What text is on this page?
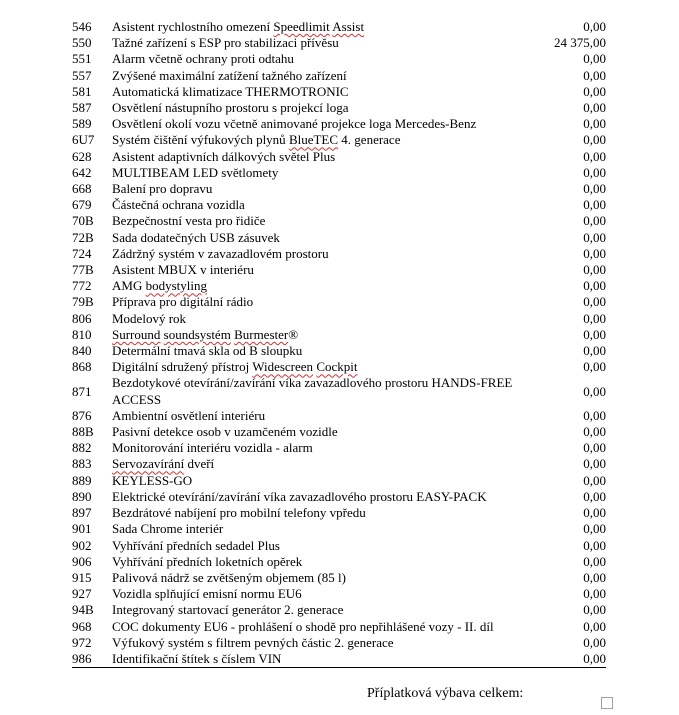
546	Asistent rychlostního omezení Speedlimit Assist	0,00
550	Tažné zařízení s ESP pro stabilizaci přívěsu	24 375,00
551	Alarm včetně ochrany proti odtahu	0,00
557	Zvýšené maximální zatížení tažného zařízení	0,00
581	Automatická klimatizace THERMOTRONIC	0,00
587	Osvětlení nástupního prostoru s projekcí loga	0,00
589	Osvětlení okolí vozu včetně animované projekce loga Mercedes-Benz	0,00
6U7	Systém čištění výfukových plynů BlueTEC 4. generace	0,00
628	Asistent adaptivních dálkových světel Plus	0,00
642	MULTIBEAM LED světlomety	0,00
668	Balení pro dopravu	0,00
679	Částečná ochrana vozidla	0,00
70B	Bezpečnostní vesta pro řidiče	0,00
72B	Sada dodatečných USB zásuvek	0,00
724	Zádržný systém v zavazadlovém prostoru	0,00
77B	Asistent MBUX v interiéru	0,00
772	AMG bodystyling	0,00
79B	Příprava pro digitální rádio	0,00
806	Modelový rok	0,00
810	Surround soundsystém Burmester®	0,00
840	Determální tmavá skla od B sloupku	0,00
868	Digitální sdružený přístroj Widescreen Cockpit	0,00
871	Bezdotykové otevírání/zavírání víka zavazadlového prostoru HANDS-FREE ACCESS	0,00
876	Ambientní osvětlení interiéru	0,00
88B	Pasivní detekce osob v uzamčeném vozidle	0,00
882	Monitorování interiéru vozidla - alarm	0,00
883	Servozavírání dveří	0,00
889	KEYLESS-GO	0,00
890	Elektrické otevírání/zavírání víka zavazadlového prostoru EASY-PACK	0,00
897	Bezdrátové nabíjení pro mobilní telefony vpředu	0,00
901	Sada Chrome interiér	0,00
902	Vyhřívání předních sedadel Plus	0,00
906	Vyhřívání předních loketních opěrek	0,00
915	Palivová nádrž se zvětšeným objemem (85 l)	0,00
927	Vozidla splňující emisní normu EU6	0,00
94B	Integrovaný startovací generátor 2. generace	0,00
968	COC dokumenty EU6 - prohlášení o shodě pro nepřihlášené vozy - II. díl	0,00
972	Výfukový systém s filtrem pevných částic 2. generace	0,00
986	Identifikační štítek s číslem VIN	0,00
Příplatková výbava celkem:
